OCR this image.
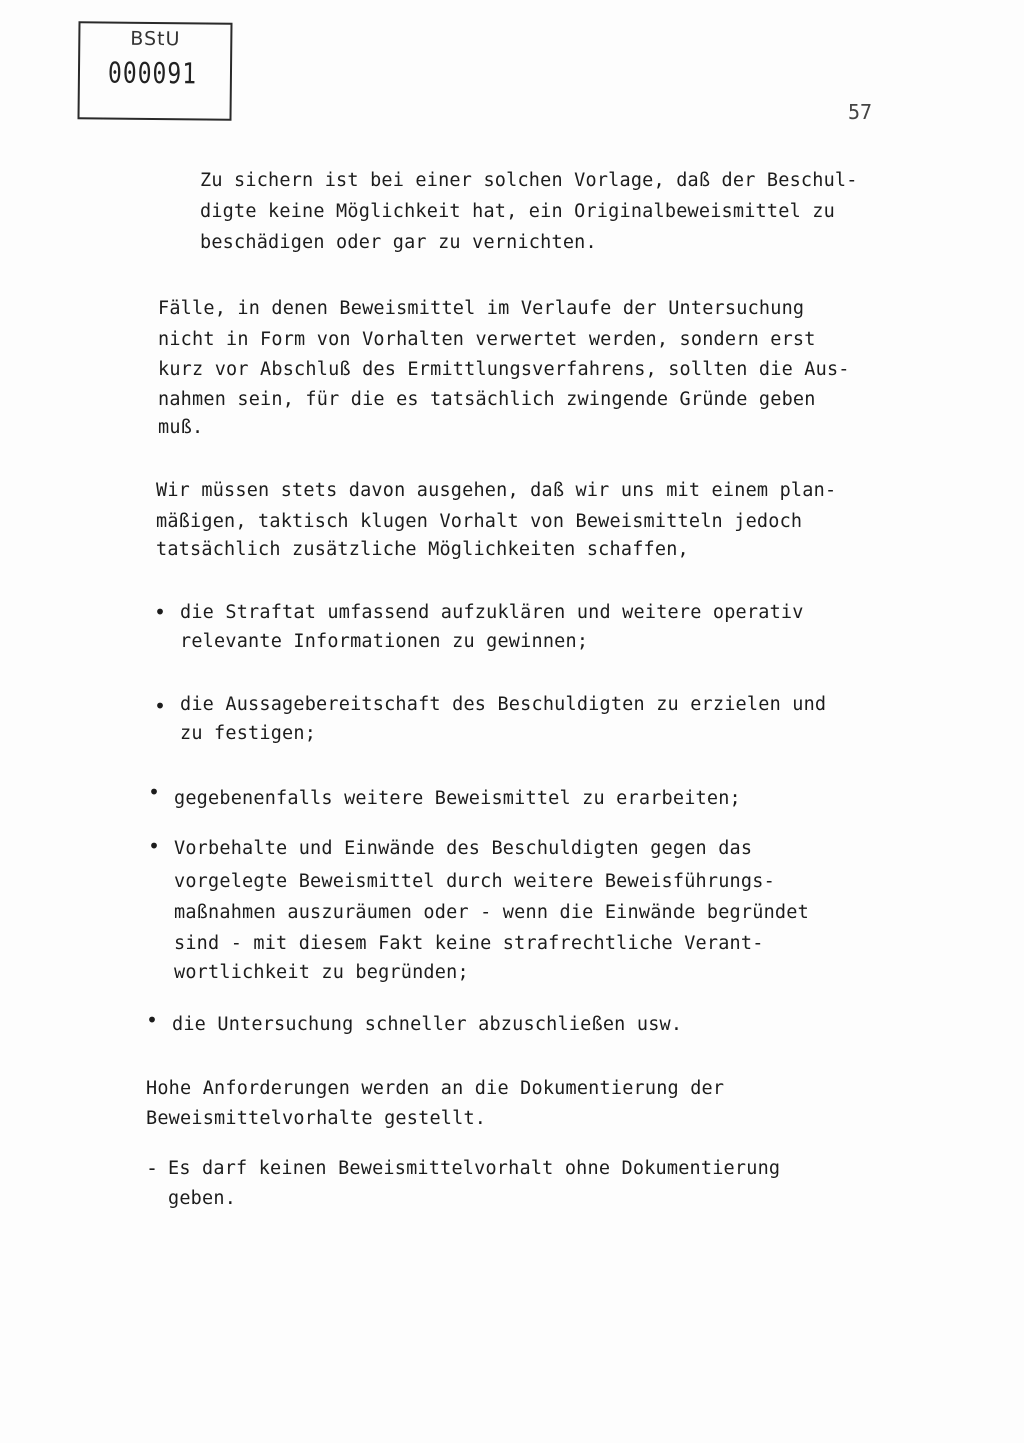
BStU
000091
57
Zu sichern ist bei einer solchen Vorlage, daß der Beschul-
digte keine Möglichkeit hat, ein Originalbeweismittel zu
beschädigen oder gar zu vernichten.
Fälle, in denen Beweismittel im Verlaufe der Untersuchung
nicht in Form von Vorhalten verwertet werden, sondern erst
kurz vor Abschluß des Ermittlungsverfahrens, sollten die Aus-
nahmen sein, für die es tatsächlich zwingende Gründe geben
muß.
Wir müssen stets davon ausgehen, daß wir uns mit einem plan-
mäßigen, taktisch klugen Vorhalt von Beweismitteln jedoch
tatsächlich zusätzliche Möglichkeiten schaffen,
• die Straftat umfassend aufzuklären und weitere operativ
relevante Informationen zu gewinnen;
• die Aussagebereitschaft des Beschuldigten zu erzielen und
zu festigen;
• gegebenenfalls weitere Beweismittel zu erarbeiten;
• Vorbehalte und Einwände des Beschuldigten gegen das
vorgelegte Beweismittel durch weitere Beweisführungs-
maßnahmen auszuräumen oder - wenn die Einwände begründet
sind - mit diesem Fakt keine strafrechtliche Verant-
wortlichkeit zu begründen;
• die Untersuchung schneller abzuschließen usw.
Hohe Anforderungen werden an die Dokumentierung der
Beweismittelvorhalte gestellt.
- Es darf keinen Beweismittelvorhalt ohne Dokumentierung
geben.
